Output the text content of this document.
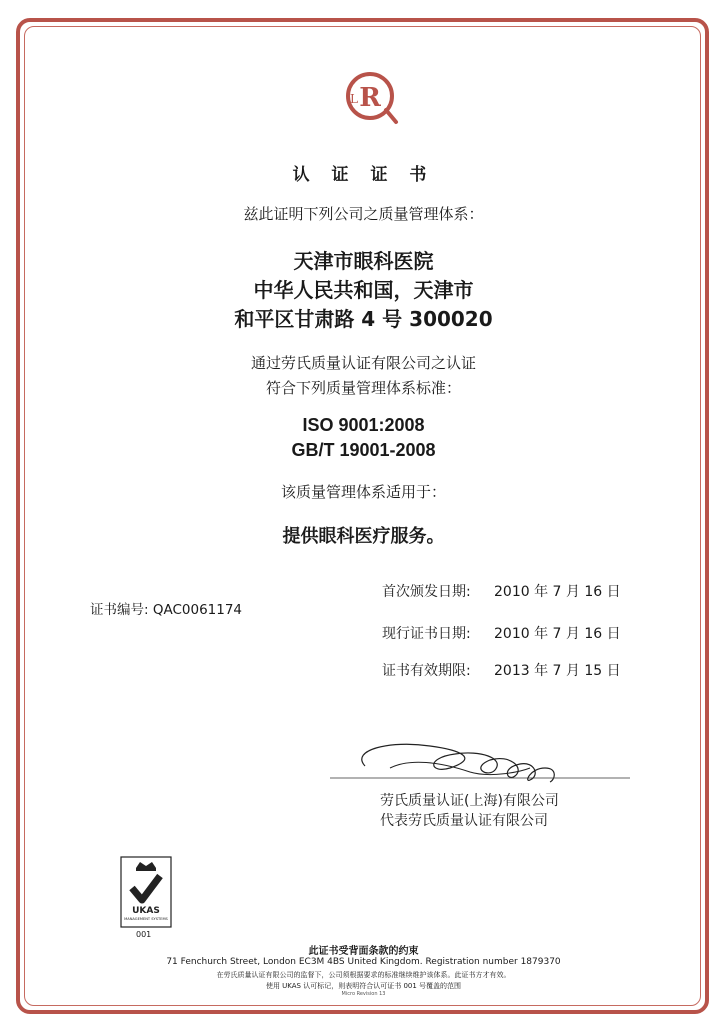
R
L
认 证 证 书
兹此证明下列公司之质量管理体系：
天津市眼科医院
中华人民共和国，天津市
和平区甘肃路 4 号 300020
通过劳氏质量认证有限公司之认证
符合下列质量管理体系标准：
ISO 9001:2008
GB/T 19001-2008
该质量管理体系适用于：
提供眼科医疗服务。
首次颁发日期: 2010 年 7 月 16 日
证书编号: QAC0061174
现行证书日期: 2010 年 7 月 16 日
证书有效期限: 2013 年 7 月 15 日
劳氏质量认证(上海)有限公司
代表劳氏质量认证有限公司
UKAS
MANAGEMENT SYSTEMS
001
此证书受背面条款的约束
71 Fenchurch Street, London EC3M 4BS United Kingdom. Registration number 1879370
在劳氏质量认证有限公司的监督下，公司须根据要求的标准继续维护该体系。此证书方才有效。
使用 UKAS 认可标记，则表明符合认可证书 001 号覆盖的范围
Micro Revision 13
